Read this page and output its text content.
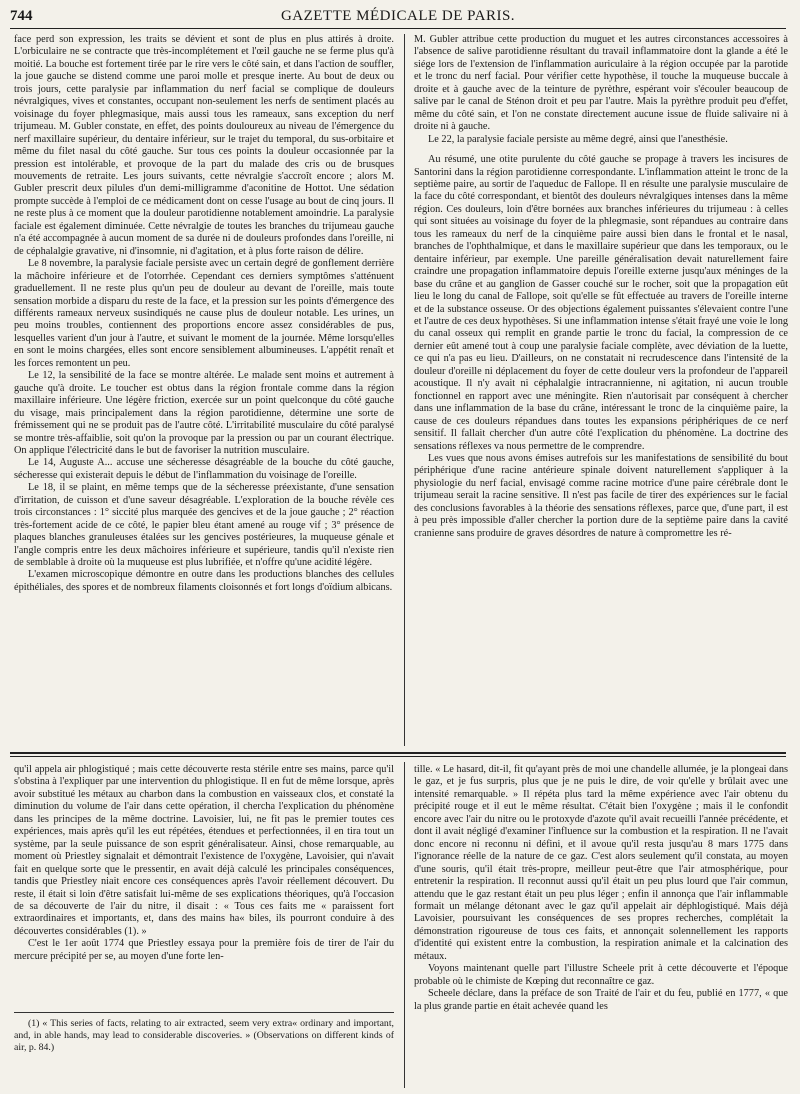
744	GAZETTE MÉDICALE DE PARIS.

face perd son expression, les traits se dévient et sont de plus en plus attirés à droite. L'orbiculaire ne se contracte que très-incomplétement et l'œil gauche ne se ferme plus qu'à moitié. La bouche est fortement tirée par le rire vers le côté sain, et dans l'action de souffler, la joue gauche se distend comme une paroi molle et presque inerte. Au bout de deux ou trois jours, cette paralysie par inflammation du nerf facial se complique de douleurs névralgiques, vives et constantes, occupant non-seulement les nerfs de sentiment placés au voisinage du foyer phlegmasique, mais aussi tous les rameaux, sans exception du nerf trijumeau. M. Gubler constate, en effet, des points douloureux au niveau de l'émergence du nerf maxillaire supérieur, du dentaire inférieur, sur le trajet du temporal, du sus-orbitaire et même du filet nasal du côté gauche. Sur tous ces points la douleur occasionnée par la pression est intolérable, et provoque de la part du malade des cris ou de brusques mouvements de retraite. Les jours suivants, cette névralgie s'accroît encore ; alors M. Gubler prescrit deux pilules d'un demi-milligramme d'aconitine de Hottot. Une sédation prompte succède à l'emploi de ce médicament dont on cesse l'usage au bout de cinq jours. Il ne reste plus à ce moment que la douleur parotidienne notablement amoindrie. La paralysie faciale est également diminuée. Cette névralgie de toutes les branches du trijumeau gauche n'a été accompagnée à aucun moment de sa durée ni de douleurs profondes dans l'oreille, ni de céphalalgie gravative, ni d'insomnie, ni d'agitation, et à plus forte raison de délire.

Le 8 novembre, la paralysie faciale persiste avec un certain degré de gonflement derrière la mâchoire inférieure et de l'otorrhée. Cependant ces derniers symptômes s'atténuent graduellement. Il ne reste plus qu'un peu de douleur au devant de l'oreille, mais toute sensation morbide a disparu du reste de la face, et la pression sur les points d'émergence des différents rameaux nerveux susindiqués ne cause plus de douleur notable. Les urines, un peu moins troubles, contiennent des proportions encore assez considérables de pus, lesquelles varient d'un jour à l'autre, et suivant le moment de la journée. Même lorsqu'elles en sont le moins chargées, elles sont encore sensiblement albumineuses. L'appétit renaît et les forces remontent un peu.

Le 12, la sensibilité de la face se montre altérée. Le malade sent moins et autrement à gauche qu'à droite. Le toucher est obtus dans la région frontale comme dans la région maxillaire inférieure. Une légère friction, exercée sur un point quelconque du côté gauche du visage, mais principalement dans la région parotidienne, détermine une sorte de frémissement qui ne se produit pas de l'autre côté. L'irritabilité musculaire du côté paralysé se montre très-affaiblie, soit qu'on la provoque par la pression ou par un courant électrique. On applique l'électricité dans le but de favoriser la nutrition musculaire.

Le 14, Auguste A... accuse une sécheresse désagréable de la bouche du côté gauche, sécheresse qui existerait depuis le début de l'inflammation du voisinage de l'oreille.

Le 18, il se plaint, en même temps que de la sécheresse préexistante, d'une sensation d'irritation, de cuisson et d'une saveur désagréable. L'exploration de la bouche révèle ces trois circonstances : 1° siccité plus marquée des gencives et de la joue gauche ; 2° réaction très-fortement acide de ce côté, le papier bleu étant amené au rouge vif ; 3° présence de plaques blanches granuleuses étalées sur les gencives postérieures, la muqueuse génale et l'angle compris entre les deux mâchoires inférieure et supérieure, tandis qu'il n'existe rien de semblable à droite où la muqueuse est plus lubrifiée, et n'offre qu'une acidité légère.

L'examen microscopique démontre en outre dans les productions blanches des cellules épithéliales, des spores et de nombreux filaments cloisonnés et fort longs d'oïdium albicans.

M. Gubler attribue cette production du muguet et les autres circonstances accessoires à l'absence de salive parotidienne résultant du travail inflammatoire dont la glande a été le siége lors de l'extension de l'inflammation auriculaire à la région occupée par la parotide et le tronc du nerf facial. Pour vérifier cette hypothèse, il touche la muqueuse buccale à droite et à gauche avec de la teinture de pyrèthre, espérant voir s'écouler beaucoup de salive par le canal de Sténon droit et peu par l'autre. Mais la pyrèthre produit peu d'effet, même du côté sain, et l'on ne constate directement aucune issue de fluide salivaire ni à droite ni à gauche.

Le 22, la paralysie faciale persiste au même degré, ainsi que l'anesthésie.

Au résumé, une otite purulente du côté gauche se propage à travers les incisures de Santorini dans la région parotidienne correspondante. L'inflammation atteint le tronc de la septième paire, au sortir de l'aqueduc de Fallope. Il en résulte une paralysie musculaire de la face du côté correspondant, et bientôt des douleurs névralgiques intenses dans la même région. Ces douleurs, loin d'être bornées aux branches inférieures du trijumeau : à celles qui sont situées au voisinage du foyer de la phlegmasie, sont répandues au contraire dans tous les rameaux du nerf de la cinquième paire aussi bien dans le frontal et le nasal, branches de l'ophthalmique, et dans le maxillaire supérieur que dans les temporaux, ou le dentaire inférieur, par exemple. Une pareille généralisation devait naturellement faire craindre une propagation inflammatoire depuis l'oreille externe jusqu'aux méninges de la base du crâne et au ganglion de Gasser couché sur le rocher, soit que la propagation eût lieu le long du canal de Fallope, soit qu'elle se fût effectuée au travers de l'oreille interne et de la substance osseuse. Or des objections également puissantes s'élevaient contre l'une et l'autre de ces deux hypothèses. Si une inflammation intense s'était frayé une voie le long du canal osseux qui remplit en grande partie le tronc du facial, la compression de ce dernier eût amené tout à coup une paralysie faciale complète, avec déviation de la luette, ce qui n'a pas eu lieu. D'ailleurs, on ne constatait ni recrudescence dans l'intensité de la douleur d'oreille ni déplacement du foyer de cette douleur vers la profondeur de l'appareil acoustique. Il n'y avait ni céphalalgie intracrannienne, ni agitation, ni aucun trouble fonctionnel en rapport avec une méningite. Rien n'autorisait par conséquent à chercher dans une inflammation de la base du crâne, intéressant le tronc de la cinquième paire, la cause de ces douleurs répandues dans toutes les expansions périphériques de ce nerf sensitif. Il fallait chercher d'un autre côté l'explication du phénomène. La doctrine des sensations réflexes va nous permettre de le comprendre.

Les vues que nous avons émises autrefois sur les manifestations de sensibilité du bout périphérique d'une racine antérieure spinale doivent naturellement s'appliquer à la physiologie du nerf facial, envisagé comme racine motrice d'une paire cérébrale dont le trijumeau serait la racine sensitive. Il n'est pas facile de tirer des expériences sur le facial des conclusions favorables à la théorie des sensations réflexes, parce que, d'une part, il est à peu près impossible d'aller chercher la portion dure de la septième paire dans la cavité cranienne sans produire de graves désordres de nature à compromettre les ré-

qu'il appela air phlogistiqué ; mais cette découverte resta stérile entre ses mains, parce qu'il s'obstina à l'expliquer par une intervention du phlogistique. Il en fut de même lorsque, après avoir substitué les métaux au charbon dans la combustion en vaisseaux clos, et constaté la diminution du volume de l'air dans cette opération, il chercha l'explication du phénomène dans les principes de la même doctrine. Lavoisier, lui, ne fit pas le premier toutes ces expériences, mais après qu'il les eut répétées, étendues et perfectionnées, il en tira tout un système, par la seule puissance de son esprit généralisateur. Ainsi, chose remarquable, au moment où Priestley signalait et démontrait l'existence de l'oxygène, Lavoisier, qui n'avait fait en quelque sorte que le pressentir, en avait déjà calculé les principales conséquences, tandis que Priestley niait encore ces conséquences après l'avoir réellement découvert. Du reste, il était si loin d'être satisfait lui-même de ses explications théoriques, qu'à l'occasion de sa découverte de l'air du nitre, il disait : « Tous ces faits me « paraissent fort extraordinaires et importants, et, dans des mains ha« biles, ils pourront conduire à des découvertes considérables (1). »

C'est le 1er août 1774 que Priestley essaya pour la première fois de tirer de l'air du mercure précipité per se, au moyen d'une forte len-

(1) « This series of facts, relating to air extracted, seem very extra« ordinary and important, and, in able hands, may lead to considerable discoveries. » (Observations on different kinds of air, p. 84.)

tille. « Le hasard, dit-il, fit qu'ayant près de moi une chandelle allumée, je la plongeai dans le gaz, et je fus surpris, plus que je ne puis le dire, de voir qu'elle y brûlait avec une intensité remarquable. » Il répéta plus tard la même expérience avec l'air obtenu du précipité rouge et il eut le même résultat. C'était bien l'oxygène ; mais il le confondit encore avec l'air du nitre ou le protoxyde d'azote qu'il avait recueilli l'année précédente, et dont il avait négligé d'examiner l'influence sur la combustion et la respiration. Il ne l'avait donc encore ni reconnu ni défini, et il avoue qu'il resta jusqu'au 8 mars 1775 dans l'ignorance réelle de la nature de ce gaz. C'est alors seulement qu'il constata, au moyen d'une souris, qu'il était très-propre, meilleur peut-être que l'air atmosphérique, pour entretenir la respiration. Il reconnut aussi qu'il était un peu plus lourd que l'air commun, attendu que le gaz restant était un peu plus léger ; enfin il annonça que l'air inflammable formait un mélange détonant avec le gaz qu'il appelait air déphlogistiqué. Mais déjà Lavoisier, poursuivant les conséquences de ses propres recherches, complétait la démonstration rigoureuse de tous ces faits, et annonçait solennellement les rapports d'identité qui existent entre la combustion, la respiration animale et la calcination des métaux.

Voyons maintenant quelle part l'illustre Scheele prit à cette découverte et l'époque probable où le chimiste de Kœping dut reconnaître ce gaz.

Scheele déclare, dans la préface de son Traité de l'air et du feu, publié en 1777, « que la plus grande partie en était achevée quand les
